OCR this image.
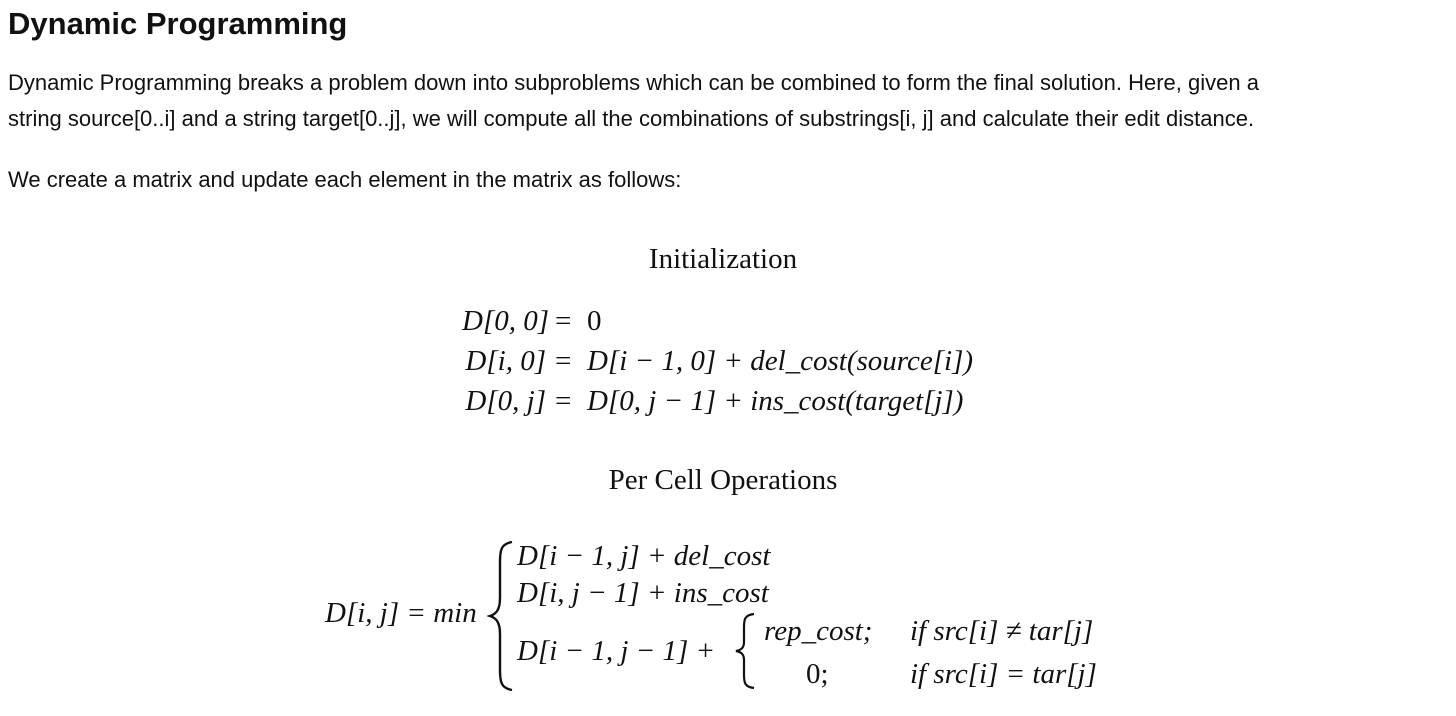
Dynamic Programming
Dynamic Programming breaks a problem down into subproblems which can be combined to form the final solution. Here, given a
string source[0..i] and a string target[0..j], we will compute all the combinations of substrings[i, j] and calculate their edit distance.
We create a matrix and update each element in the matrix as follows:
Initialization
D[0, 0] = 0
D[i, 0] = D[i − 1, 0] + del_cost(source[i])
D[0, j] = D[0, j − 1] + ins_cost(target[j])
Per Cell Operations
D[i, j] = min
D[i − 1, j] + del_cost
D[i, j − 1] + ins_cost
D[i − 1, j − 1] +
rep_cost; if src[i] ≠ tar[j]
0;	if src[i] = tar[j]
